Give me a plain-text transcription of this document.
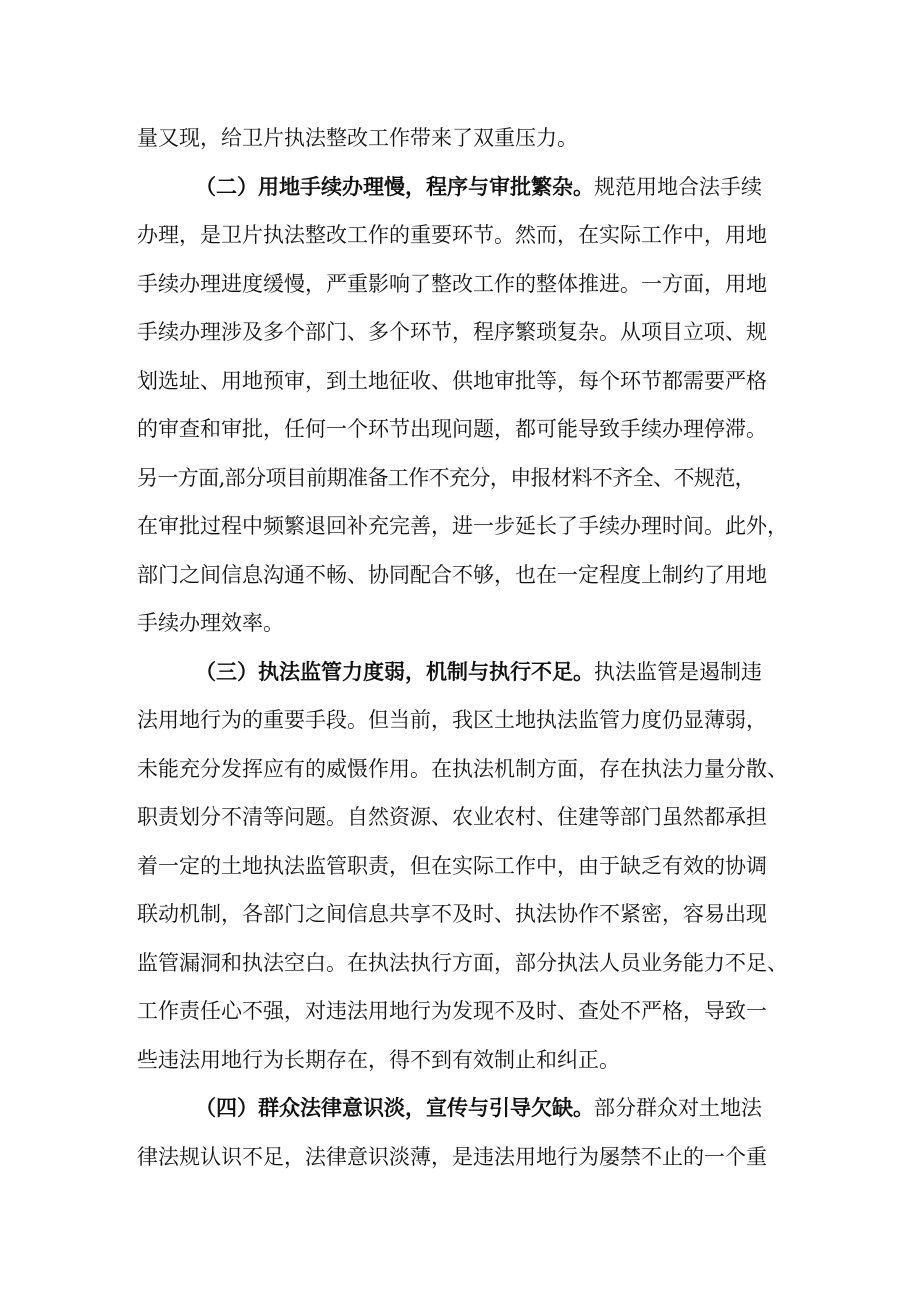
量又现，给卫片执法整改工作带来了双重压力。
（二）用地手续办理慢，程序与审批繁杂。规范用地合法手续
办理，是卫片执法整改工作的重要环节。然而，在实际工作中，用地
手续办理进度缓慢，严重影响了整改工作的整体推进。一方面，用地
手续办理涉及多个部门、多个环节，程序繁琐复杂。从项目立项、规
划选址、用地预审，到土地征收、供地审批等，每个环节都需要严格
的审查和审批，任何一个环节出现问题，都可能导致手续办理停滞。
另一方面,部分项目前期准备工作不充分，申报材料不齐全、不规范，
在审批过程中频繁退回补充完善，进一步延长了手续办理时间。此外，
部门之间信息沟通不畅、协同配合不够，也在一定程度上制约了用地
手续办理效率。
（三）执法监管力度弱，机制与执行不足。执法监管是遏制违
法用地行为的重要手段。但当前，我区土地执法监管力度仍显薄弱，
未能充分发挥应有的威慑作用。在执法机制方面，存在执法力量分散、
职责划分不清等问题。自然资源、农业农村、住建等部门虽然都承担
着一定的土地执法监管职责，但在实际工作中，由于缺乏有效的协调
联动机制，各部门之间信息共享不及时、执法协作不紧密，容易出现
监管漏洞和执法空白。在执法执行方面，部分执法人员业务能力不足、
工作责任心不强，对违法用地行为发现不及时、查处不严格，导致一
些违法用地行为长期存在，得不到有效制止和纠正。
（四）群众法律意识淡，宣传与引导欠缺。部分群众对土地法
律法规认识不足，法律意识淡薄，是违法用地行为屡禁不止的一个重
